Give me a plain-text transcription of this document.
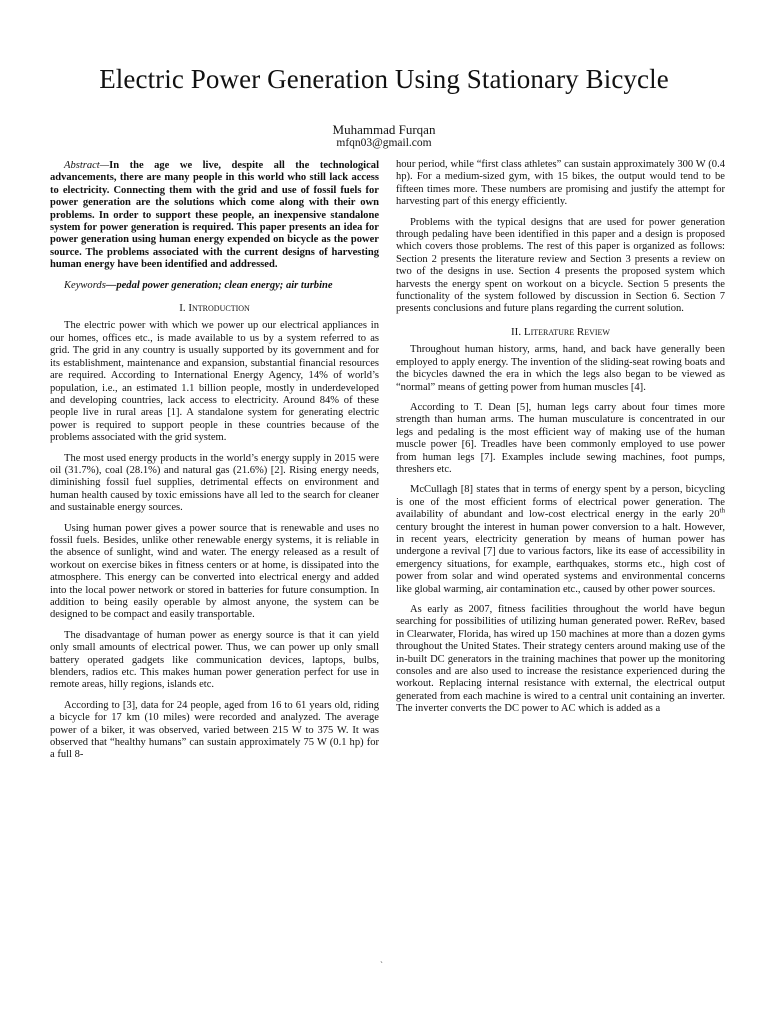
Electric Power Generation Using Stationary Bicycle
Muhammad Furqan
mfqn03@gmail.com

Abstract—In the age we live, despite all the technological advancements, there are many people in this world who still lack access to electricity. Connecting them with the grid and use of fossil fuels for power generation are the solutions which come along with their own problems. In order to support these people, an inexpensive standalone system for power generation is required. This paper presents an idea for power generation using human energy expended on bicycle as the power source. The problems associated with the current designs of harvesting human energy have been identified and addressed.

Keywords—pedal power generation; clean energy; air turbine

I. Introduction

The electric power with which we power up our electrical appliances in our homes, offices etc., is made available to us by a system referred to as grid. The grid in any country is usually supported by its government and for its establishment, maintenance and expansion, substantial financial resources are required. According to International Energy Agency, 14% of world’s population, i.e., an estimated 1.1 billion people, mostly in underdeveloped and developing countries, lack access to electricity. Around 84% of these people live in rural areas [1]. A standalone system for generating electric power is required to support people in these countries because of the problems associated with the grid system.

The most used energy products in the world’s energy supply in 2015 were oil (31.7%), coal (28.1%) and natural gas (21.6%) [2]. Rising energy needs, diminishing fossil fuel supplies, detrimental effects on environment and human health caused by toxic emissions have all led to the search for cleaner and sustainable energy sources.

Using human power gives a power source that is renewable and uses no fossil fuels. Besides, unlike other renewable energy systems, it is reliable in the absence of sunlight, wind and water. The energy released as a result of workout on exercise bikes in fitness centers or at home, is dissipated into the atmosphere. This energy can be converted into electrical energy and added into the local power network or stored in batteries for future consumption. In addition to being easily operable by almost anyone, the system can be designed to be compact and easily transportable.

The disadvantage of human power as energy source is that it can yield only small amounts of electrical power. Thus, we can power up only small battery operated gadgets like communication devices, laptops, bulbs, blenders, radios etc. This makes human power generation perfect for use in remote areas, hilly regions, islands etc.

According to [3], data for 24 people, aged from 16 to 61 years old, riding a bicycle for 17 km (10 miles) were recorded and analyzed. The average power of a biker, it was observed, varied between 215 W to 375 W. It was observed that “healthy humans” can sustain approximately 75 W (0.1 hp) for a full 8-

hour period, while “first class athletes” can sustain approximately 300 W (0.4 hp). For a medium-sized gym, with 15 bikes, the output would tend to be fifteen times more. These numbers are promising and justify the attempt for harvesting part of this energy efficiently.

Problems with the typical designs that are used for power generation through pedaling have been identified in this paper and a design is proposed which covers those problems. The rest of this paper is organized as follows: Section 2 presents the literature review and Section 3 presents a review on two of the designs in use. Section 4 presents the proposed system which harvests the energy spent on workout on a bicycle. Section 5 presents the functionality of the system followed by discussion in Section 6. Section 7 presents conclusions and future plans regarding the current solution.

II. Literature Review

Throughout human history, arms, hand, and back have generally been employed to apply energy. The invention of the sliding-seat rowing boats and the bicycles dawned the era in which the legs also began to be viewed as “normal” means of getting power from human muscles [4].

According to T. Dean [5], human legs carry about four times more strength than human arms. The human musculature is concentrated in our legs and pedaling is the most efficient way of making use of the human muscle power [6]. Treadles have been commonly employed to use power from human legs [7]. Examples include sewing machines, foot pumps, threshers etc.

McCullagh [8] states that in terms of energy spent by a person, bicycling is one of the most efficient forms of electrical power generation. The availability of abundant and low-cost electrical energy in the early 20th century brought the interest in human power conversion to a halt. However, in recent years, electricity generation by means of human power has undergone a revival [7] due to various factors, like its ease of accessibility in emergency situations, for example, earthquakes, storms etc., high cost of power from solar and wind operated systems and environmental concerns like global warming, air contamination etc., caused by other power sources.

As early as 2007, fitness facilities throughout the world have begun searching for possibilities of utilizing human generated power. ReRev, based in Clearwater, Florida, has wired up 150 machines at more than a dozen gyms throughout the United States. Their strategy centers around making use of the in-built DC generators in the training machines that power up the monitoring consoles and are also used to increase the resistance experienced during the workout. Replacing internal resistance with external, the electrical output generated from each machine is wired to a central unit containing an inverter. The inverter converts the DC power to AC which is added as a

`
